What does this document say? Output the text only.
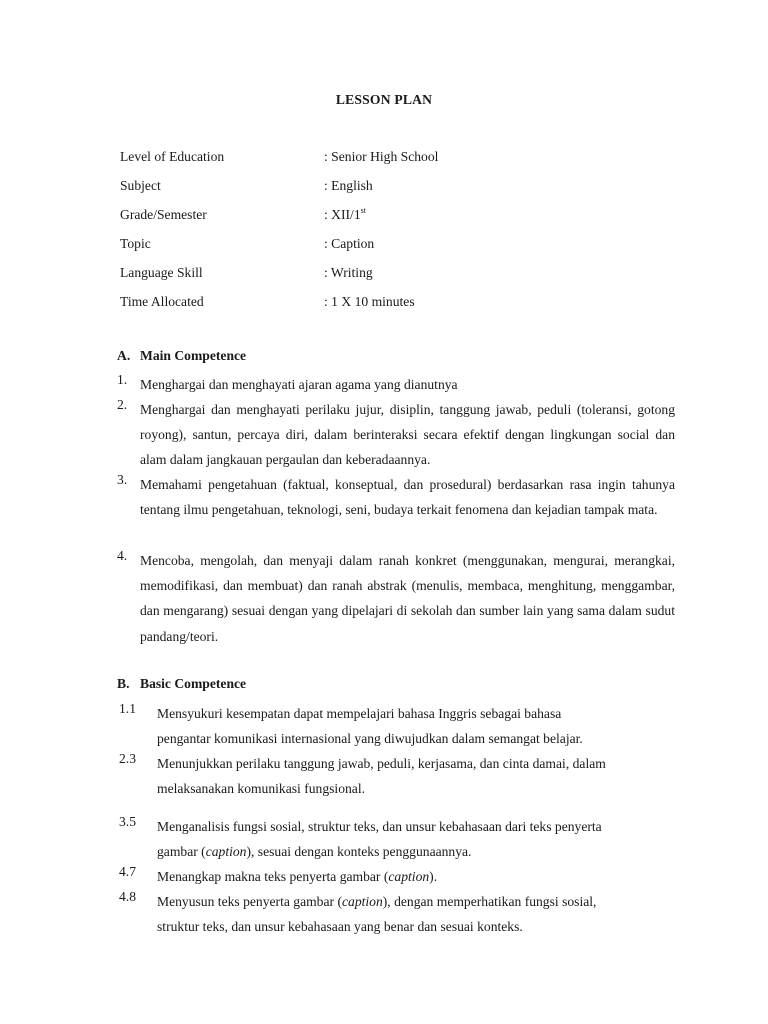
LESSON PLAN
Level of Education	: Senior High School
Subject	: English
Grade/Semester	: XII/1st
Topic	: Caption
Language Skill	: Writing
Time Allocated	: 1 X 10 minutes
A. Main Competence
1. Menghargai dan menghayati ajaran agama yang dianutnya
2. Menghargai dan menghayati perilaku jujur, disiplin, tanggung jawab, peduli (toleransi, gotong royong), santun, percaya diri, dalam berinteraksi secara efektif dengan lingkungan social dan alam dalam jangkauan pergaulan dan keberadaannya.
3. Memahami pengetahuan (faktual, konseptual, dan prosedural) berdasarkan rasa ingin tahunya tentang ilmu pengetahuan, teknologi, seni, budaya terkait fenomena dan kejadian tampak mata.
4. Mencoba, mengolah, dan menyaji dalam ranah konkret (menggunakan, mengurai, merangkai, memodifikasi, dan membuat) dan ranah abstrak (menulis, membaca, menghitung, menggambar, dan mengarang) sesuai dengan yang dipelajari di sekolah dan sumber lain yang sama dalam sudut pandang/teori.
B. Basic Competence
1.1 Mensyukuri kesempatan dapat mempelajari bahasa Inggris sebagai bahasa
pengantar komunikasi internasional yang diwujudkan dalam semangat belajar.
2.3 Menunjukkan perilaku tanggung jawab, peduli, kerjasama, dan cinta damai, dalam
melaksanakan komunikasi fungsional.
3.5 Menganalisis fungsi sosial, struktur teks, dan unsur kebahasaan dari teks penyerta
gambar (caption), sesuai dengan konteks penggunaannya.
4.7 Menangkap makna teks penyerta gambar (caption).
4.8 Menyusun teks penyerta gambar (caption), dengan memperhatikan fungsi sosial,
struktur teks, dan unsur kebahasaan yang benar dan sesuai konteks.
